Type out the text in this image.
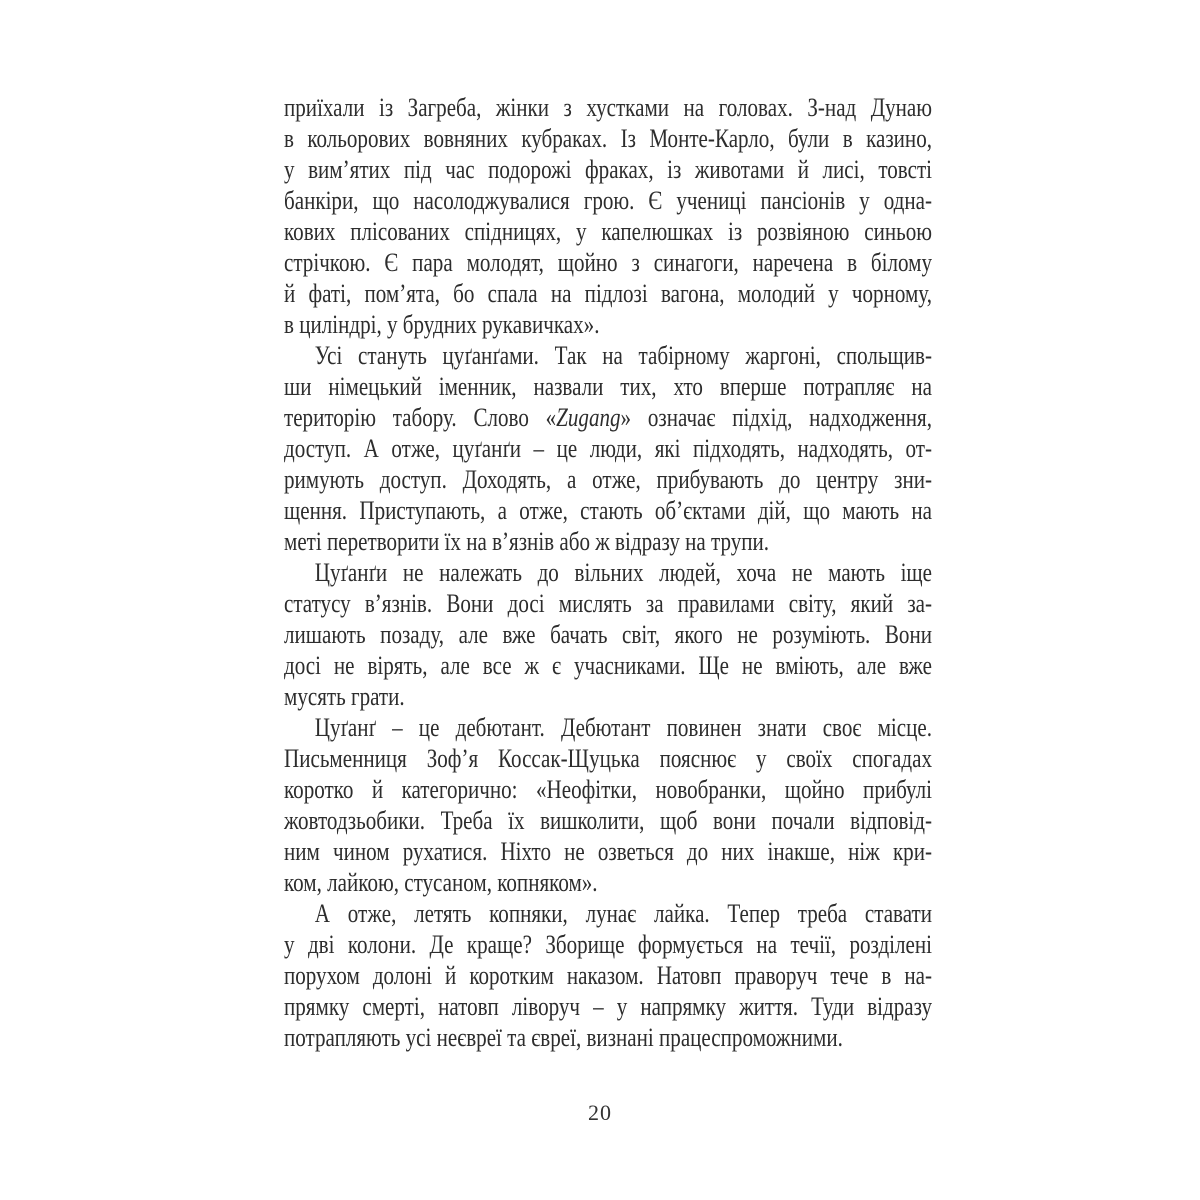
приїхали із Загреба, жінки з хустками на головах. З-над Дунаю
в кольорових вовняних кубраках. Із Монте-Карло, були в казино,
у вим’ятих під час подорожі фраках, із животами й лисі, товсті
банкіри, що насолоджувалися грою. Є учениці пансіонів у одна-
кових плісованих спідницях, у капелюшках із розвіяною синьою
стрічкою. Є пара молодят, щойно з синагоги, наречена в білому
й фаті, пом’ята, бо спала на підлозі вагона, молодий у чорному,
в циліндрі, у брудних рукавичках».
Усі стануть цуґанґами. Так на табірному жаргоні, спольщив-
ши німецький іменник, назвали тих, хто вперше потрапляє на
територію табору. Слово «Zugang» означає підхід, надходження,
доступ. А отже, цуґанґи – це люди, які підходять, надходять, от-
римують доступ. Доходять, а отже, прибувають до центру зни-
щення. Приступають, а отже, стають об’єктами дій, що мають на
меті перетворити їх на в’язнів або ж відразу на трупи.
Цуґанґи не належать до вільних людей, хоча не мають іще
статусу в’язнів. Вони досі мислять за правилами світу, який за-
лишають позаду, але вже бачать світ, якого не розуміють. Вони
досі не вірять, але все ж є учасниками. Ще не вміють, але вже
мусять грати.
Цуґанґ – це дебютант. Дебютант повинен знати своє місце.
Письменниця Зоф’я Коссак-Щуцька пояснює у своїх спогадах
коротко й категорично: «Неофітки, новобранки, щойно прибулі
жовтодзьобики. Треба їх вишколити, щоб вони почали відповід-
ним чином рухатися. Ніхто не озветься до них інакше, ніж кри-
ком, лайкою, стусаном, копняком».
А отже, летять копняки, лунає лайка. Тепер треба ставати
у дві колони. Де краще? Зборище формується на течії, розділені
порухом долоні й коротким наказом. Натовп праворуч тече в на-
прямку смерті, натовп ліворуч – у напрямку життя. Туди відразу
потрапляють усі неєвреї та євреї, визнані працеспроможними.
20
